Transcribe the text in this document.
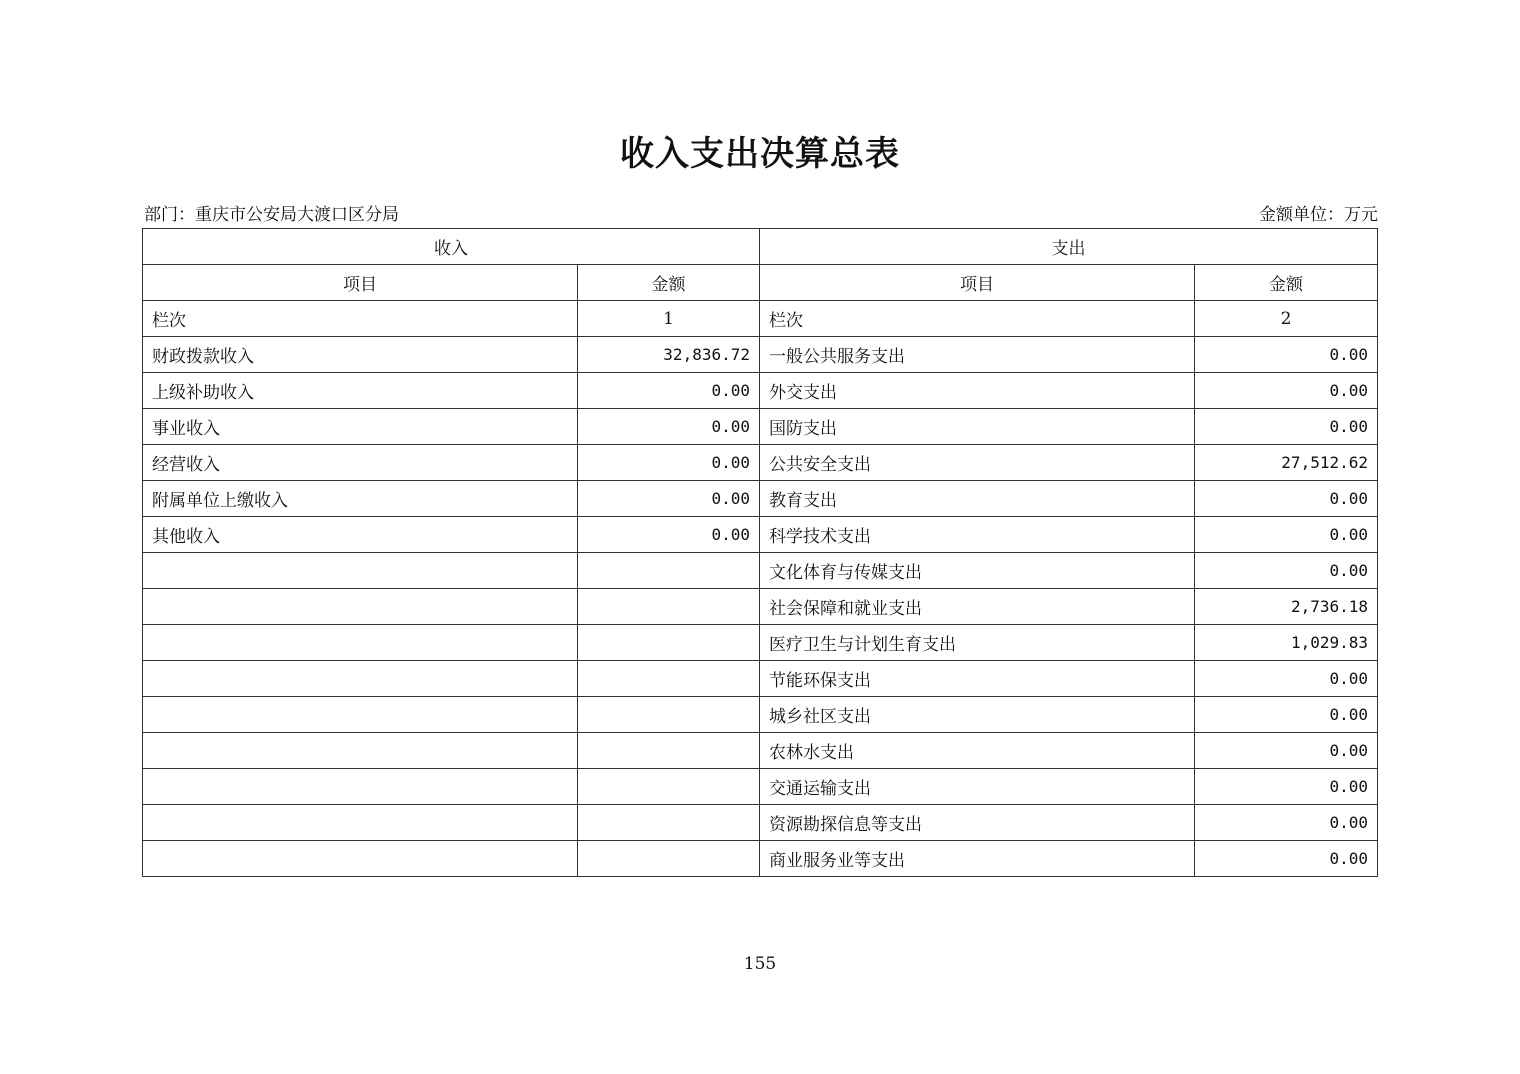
收入支出决算总表
部门：重庆市公安局大渡口区分局	金额单位：万元
收入		支出	
项目	金额	项目	金额
栏次	1	栏次	2
财政拨款收入	32,836.72	一般公共服务支出	0.00
上级补助收入	0.00	外交支出	0.00
事业收入	0.00	国防支出	0.00
经营收入	0.00	公共安全支出	27,512.62
附属单位上缴收入	0.00	教育支出	0.00
其他收入	0.00	科学技术支出	0.00
		文化体育与传媒支出	0.00
		社会保障和就业支出	2,736.18
		医疗卫生与计划生育支出	1,029.83
		节能环保支出	0.00
		城乡社区支出	0.00
		农林水支出	0.00
		交通运输支出	0.00
		资源勘探信息等支出	0.00
		商业服务业等支出	0.00
155
